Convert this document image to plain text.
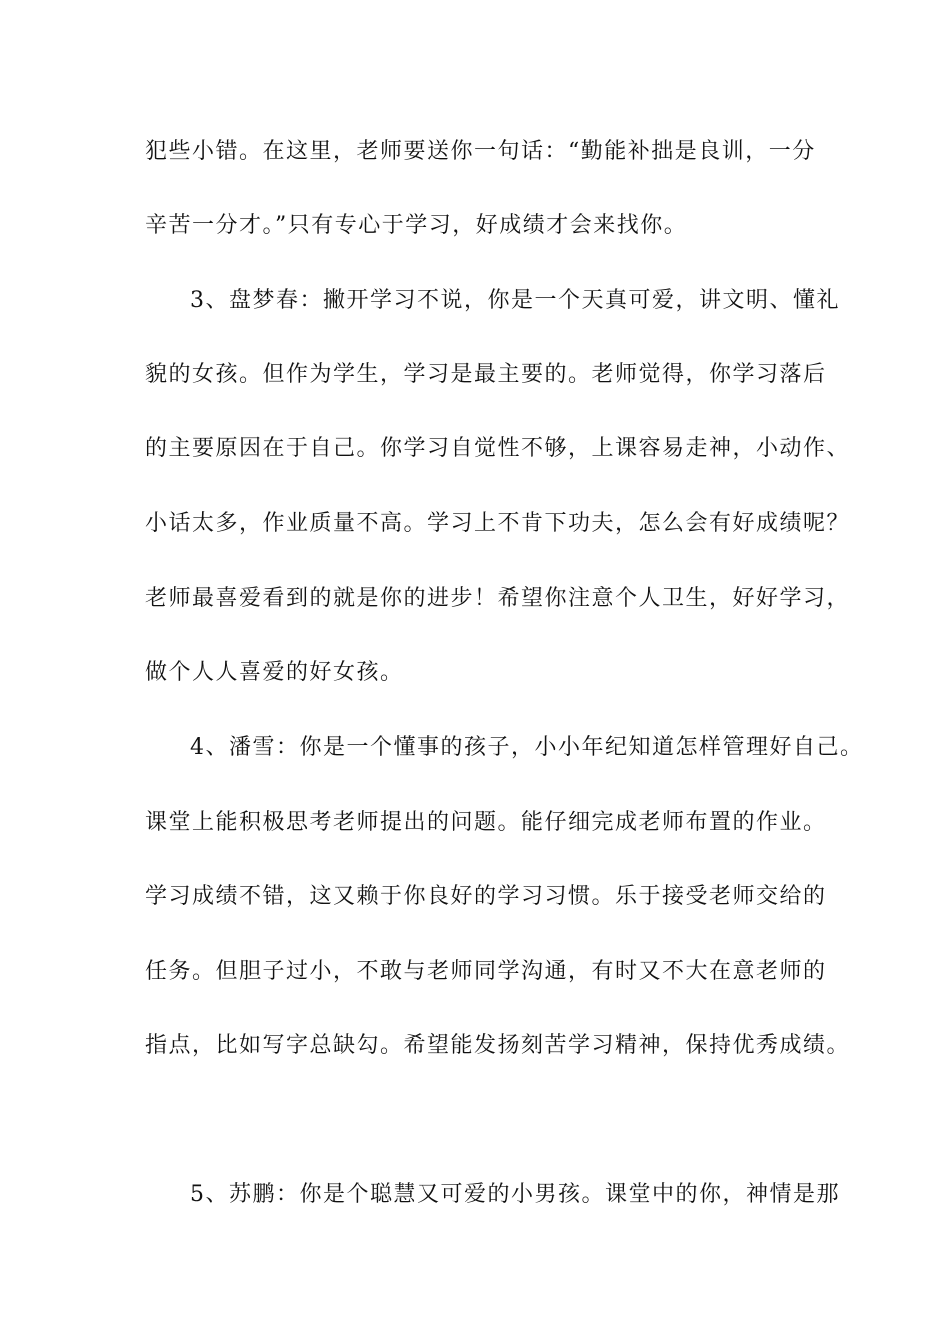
犯些小错。在这里，老师要送你一句话：“勤能补拙是良训，一分
辛苦一分才。”只有专心于学习，好成绩才会来找你。
3、盘梦春：撇开学习不说，你是一个天真可爱，讲文明、懂礼
貌的女孩。但作为学生，学习是最主要的。老师觉得，你学习落后
的主要原因在于自己。你学习自觉性不够，上课容易走神，小动作、
小话太多，作业质量不高。学习上不肯下功夫，怎么会有好成绩呢？
老师最喜爱看到的就是你的进步！希望你注意个人卫生，好好学习，
做个人人喜爱的好女孩。
4、潘雪：你是一个懂事的孩子，小小年纪知道怎样管理好自己。
课堂上能积极思考老师提出的问题。能仔细完成老师布置的作业。
学习成绩不错，这又赖于你良好的学习习惯。乐于接受老师交给的
任务。但胆子过小，不敢与老师同学沟通，有时又不大在意老师的
指点，比如写字总缺勾。希望能发扬刻苦学习精神，保持优秀成绩。
5、苏鹏：你是个聪慧又可爱的小男孩。课堂中的你，神情是那
